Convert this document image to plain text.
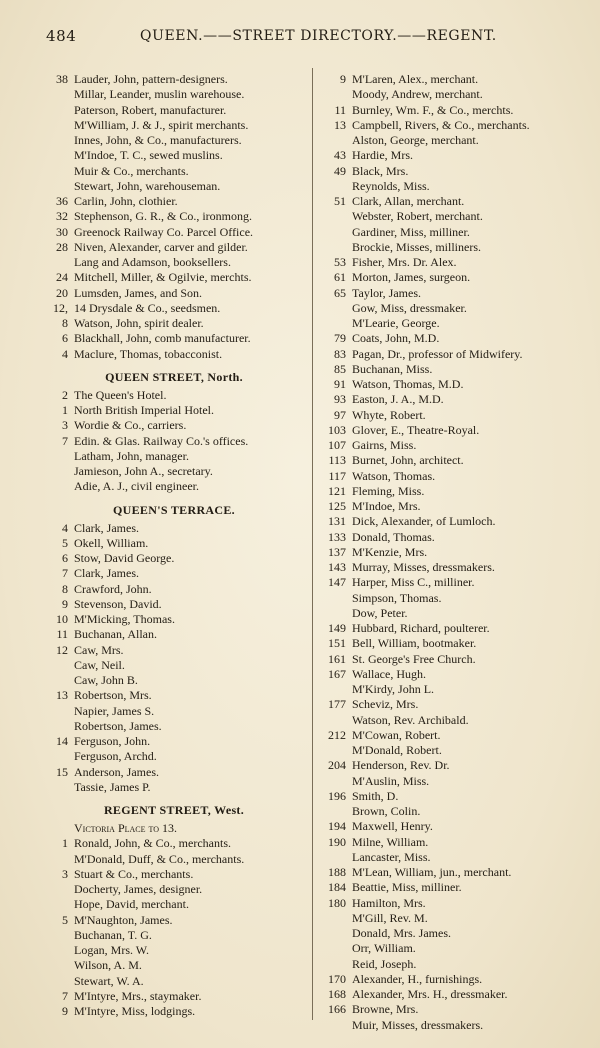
484	QUEEN.——STREET DIRECTORY.——REGENT.
38 Lauder, John, pattern-designers.
Millar, Leander, muslin warehouse.
Paterson, Robert, manufacturer.
M'William, J. & J., spirit merchants.
Innes, John, & Co., manufacturers.
M'Indoe, T. C., sewed muslins.
Muir & Co., merchants.
Stewart, John, warehouseman.
36 Carlin, John, clothier.
32 Stephenson, G. R., & Co., ironmong.
30 Greenock Railway Co. Parcel Office.
28 Niven, Alexander, carver and gilder.
Lang and Adamson, booksellers.
24 Mitchell, Miller, & Ogilvie, merchts.
20 Lumsden, James, and Son.
12, 14 Drysdale & Co., seedsmen.
8 Watson, John, spirit dealer.
6 Blackhall, John, comb manufacturer.
4 Maclure, Thomas, tobacconist.
QUEEN STREET, North.
2 The Queen's Hotel.
1 North British Imperial Hotel.
3 Wordie & Co., carriers.
7 Edin. & Glas. Railway Co.'s offices.
Latham, John, manager.
Jamieson, John A., secretary.
Adie, A. J., civil engineer.
QUEEN'S TERRACE.
4 Clark, James.
5 Okell, William.
6 Stow, David George.
7 Clark, James.
8 Crawford, John.
9 Stevenson, David.
10 M'Micking, Thomas.
11 Buchanan, Allan.
12 Caw, Mrs.
Caw, Neil.
Caw, John B.
13 Robertson, Mrs.
Napier, James S.
Robertson, James.
14 Ferguson, John.
Ferguson, Archd.
15 Anderson, James.
Tassie, James P.
REGENT STREET, West.
Victoria Place to 13.
1 Ronald, John, & Co., merchants.
M'Donald, Duff, & Co., merchants.
3 Stuart & Co., merchants.
Docherty, James, designer.
Hope, David, merchant.
5 M'Naughton, James.
Buchanan, T. G.
Logan, Mrs. W.
Wilson, A. M.
Stewart, W. A.
7 M'Intyre, Mrs., staymaker.
9 M'Intyre, Miss, lodgings.
9 M'Laren, Alex., merchant.
Moody, Andrew, merchant.
11 Burnley, Wm. F., & Co., merchts.
13 Campbell, Rivers, & Co., merchants.
Alston, George, merchant.
43 Hardie, Mrs.
49 Black, Mrs.
Reynolds, Miss.
51 Clark, Allan, merchant.
Webster, Robert, merchant.
Gardiner, Miss, milliner.
Brockie, Misses, milliners.
53 Fisher, Mrs. Dr. Alex.
61 Morton, James, surgeon.
65 Taylor, James.
Gow, Miss, dressmaker.
M'Learie, George.
79 Coats, John, M.D.
83 Pagan, Dr., professor of Midwifery.
85 Buchanan, Miss.
91 Watson, Thomas, M.D.
93 Easton, J. A., M.D.
97 Whyte, Robert.
103 Glover, E., Theatre-Royal.
107 Gairns, Miss.
113 Burnet, John, architect.
117 Watson, Thomas.
121 Fleming, Miss.
125 M'Indoe, Mrs.
131 Dick, Alexander, of Lumloch.
133 Donald, Thomas.
137 M'Kenzie, Mrs.
143 Murray, Misses, dressmakers.
147 Harper, Miss C., milliner.
Simpson, Thomas.
Dow, Peter.
149 Hubbard, Richard, poulterer.
151 Bell, William, bootmaker.
161 St. George's Free Church.
167 Wallace, Hugh.
M'Kirdy, John L.
177 Scheviz, Mrs.
Watson, Rev. Archibald.
212 M'Cowan, Robert.
M'Donald, Robert.
204 Henderson, Rev. Dr.
M'Auslin, Miss.
196 Smith, D.
Brown, Colin.
194 Maxwell, Henry.
190 Milne, William.
Lancaster, Miss.
188 M'Lean, William, jun., merchant.
184 Beattie, Miss, milliner.
180 Hamilton, Mrs.
M'Gill, Rev. M.
Donald, Mrs. James.
Orr, William.
Reid, Joseph.
170 Alexander, H., furnishings.
168 Alexander, Mrs. H., dressmaker.
166 Browne, Mrs.
Muir, Misses, dressmakers.
